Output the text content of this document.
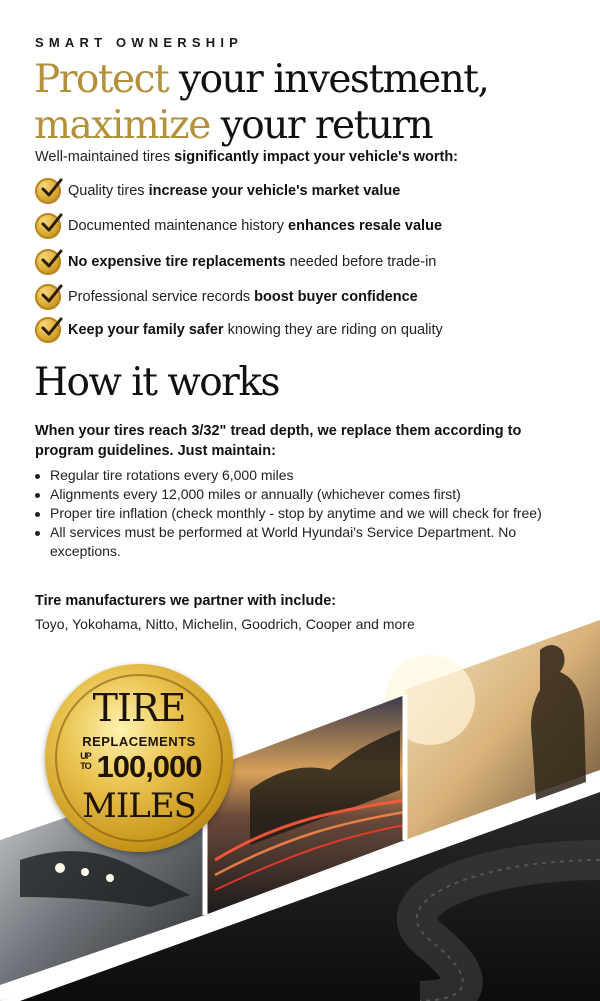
SMART OWNERSHIP
Protect your investment,
maximize your return
Well-maintained tires significantly impact your vehicle's worth:
Quality tires increase your vehicle's market value
Documented maintenance history enhances resale value
No expensive tire replacements needed before trade-in
Professional service records boost buyer confidence
Keep your family safer knowing they are riding on quality
How it works
When your tires reach 3/32" tread depth, we replace them according to program guidelines. Just maintain:
Regular tire rotations every 6,000 miles
Alignments every 12,000 miles or annually (whichever comes first)
Proper tire inflation (check monthly - stop by anytime and we will check for free)
All services must be performed at World Hyundai's Service Department. No exceptions.
Tire manufacturers we partner with include:
Toyo, Yokohama, Nitto, Michelin, Goodrich, Cooper and more
TIRE
REPLACEMENTS
UP TO 100,000
MILES
